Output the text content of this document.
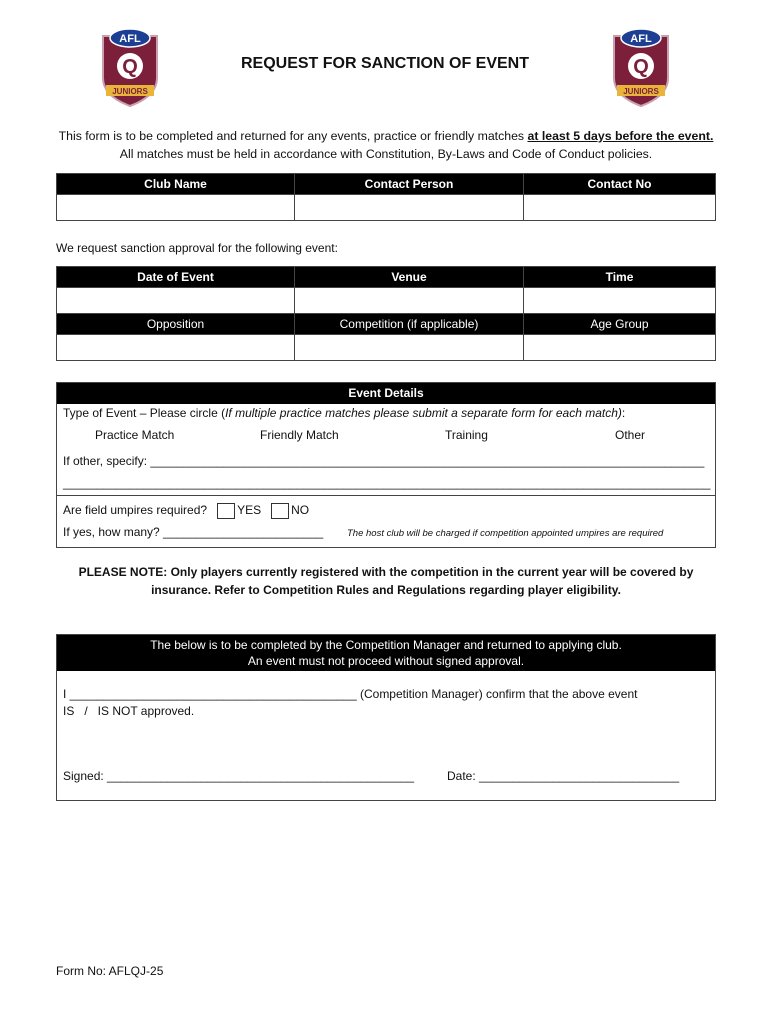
AFL
Q
JUNIORS
AFL
Q
JUNIORS
REQUEST FOR SANCTION OF EVENT
This form is to be completed and returned for any events, practice or friendly matches at least 5 days before the event. All matches must be held in accordance with Constitution, By-Laws and Code of Conduct policies.
Club Name	Contact Person	Contact No

We request sanction approval for the following event:
Date of Event	Venue	Time

Opposition	Competition (if applicable)	Age Group

Event Details
Type of Event – Please circle (If multiple practice matches please submit a separate form for each match):
Practice Match	Friendly Match	Training	Other
If other, specify: ___________________________________________________________________________________
_________________________________________________________________________________________________
Are field umpires required?	YES	NO
If yes, how many? ________________________	The host club will be charged if competition appointed umpires are required
PLEASE NOTE: Only players currently registered with the competition in the current year will be covered by insurance. Refer to Competition Rules and Regulations regarding player eligibility.
The below is to be completed by the Competition Manager and returned to applying club.
An event must not proceed without signed approval.
I ___________________________________________ (Competition Manager) confirm that the above event
IS   /   IS NOT approved.
Signed: ______________________________________________	Date: ______________________________
Form No: AFLQJ-25
